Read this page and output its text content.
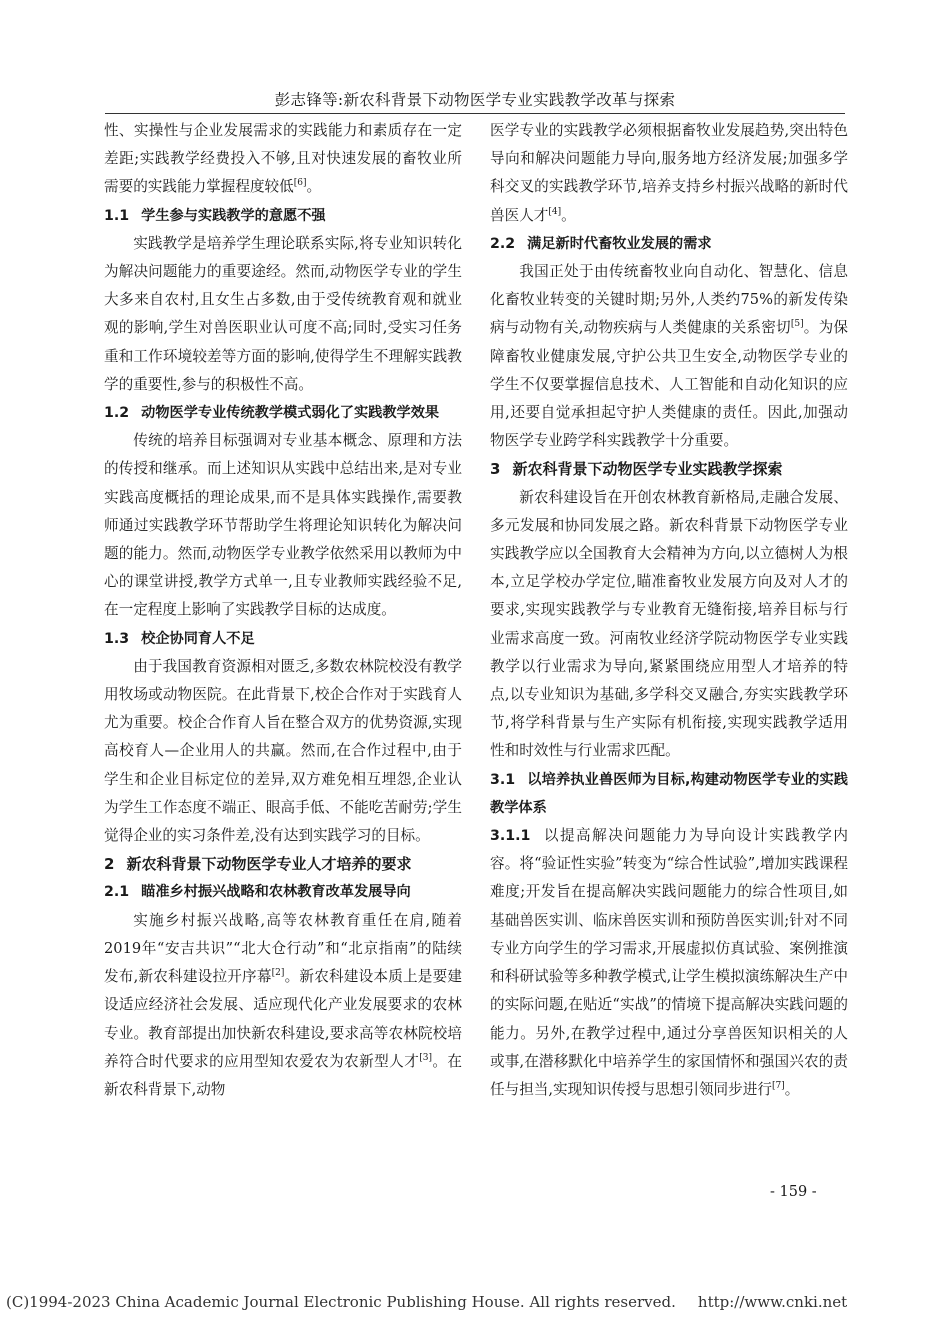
彭志锋等:新农科背景下动物医学专业实践教学改革与探索

性、实操性与企业发展需求的实践能力和素质存在一定差距;实践教学经费投入不够,且对快速发展的畜牧业所需要的实践能力掌握程度较低[6]。

1.1 学生参与实践教学的意愿不强

实践教学是培养学生理论联系实际,将专业知识转化为解决问题能力的重要途经。然而,动物医学专业的学生大多来自农村,且女生占多数,由于受传统教育观和就业观的影响,学生对兽医职业认可度不高;同时,受实习任务重和工作环境较差等方面的影响,使得学生不理解实践教学的重要性,参与的积极性不高。

1.2 动物医学专业传统教学模式弱化了实践教学效果

传统的培养目标强调对专业基本概念、原理和方法的传授和继承。而上述知识从实践中总结出来,是对专业实践高度概括的理论成果,而不是具体实践操作,需要教师通过实践教学环节帮助学生将理论知识转化为解决问题的能力。然而,动物医学专业教学依然采用以教师为中心的课堂讲授,教学方式单一,且专业教师实践经验不足,在一定程度上影响了实践教学目标的达成度。

1.3 校企协同育人不足

由于我国教育资源相对匮乏,多数农林院校没有教学用牧场或动物医院。在此背景下,校企合作对于实践育人尤为重要。校企合作育人旨在整合双方的优势资源,实现高校育人—企业用人的共赢。然而,在合作过程中,由于学生和企业目标定位的差异,双方难免相互埋怨,企业认为学生工作态度不端正、眼高手低、不能吃苦耐劳;学生觉得企业的实习条件差,没有达到实践学习的目标。

2 新农科背景下动物医学专业人才培养的要求

2.1 瞄准乡村振兴战略和农林教育改革发展导向

实施乡村振兴战略,高等农林教育重任在肩,随着2019年“安吉共识”“北大仓行动”和“北京指南”的陆续发布,新农科建设拉开序幕[2]。新农科建设本质上是要建设适应经济社会发展、适应现代化产业发展要求的农林专业。教育部提出加快新农科建设,要求高等农林院校培养符合时代要求的应用型知农爱农为农新型人才[3]。在新农科背景下,动物

医学专业的实践教学必须根据畜牧业发展趋势,突出特色导向和解决问题能力导向,服务地方经济发展;加强多学科交叉的实践教学环节,培养支持乡村振兴战略的新时代兽医人才[4]。

2.2 满足新时代畜牧业发展的需求

我国正处于由传统畜牧业向自动化、智慧化、信息化畜牧业转变的关键时期;另外,人类约75%的新发传染病与动物有关,动物疾病与人类健康的关系密切[5]。为保障畜牧业健康发展,守护公共卫生安全,动物医学专业的学生不仅要掌握信息技术、人工智能和自动化知识的应用,还要自觉承担起守护人类健康的责任。因此,加强动物医学专业跨学科实践教学十分重要。

3 新农科背景下动物医学专业实践教学探索

新农科建设旨在开创农林教育新格局,走融合发展、多元发展和协同发展之路。新农科背景下动物医学专业实践教学应以全国教育大会精神为方向,以立德树人为根本,立足学校办学定位,瞄准畜牧业发展方向及对人才的要求,实现实践教学与专业教育无缝衔接,培养目标与行业需求高度一致。河南牧业经济学院动物医学专业实践教学以行业需求为导向,紧紧围绕应用型人才培养的特点,以专业知识为基础,多学科交叉融合,夯实实践教学环节,将学科背景与生产实际有机衔接,实现实践教学适用性和时效性与行业需求匹配。

3.1 以培养执业兽医师为目标,构建动物医学专业的实践教学体系

3.1.1 以提高解决问题能力为导向设计实践教学内容。将“验证性实验”转变为“综合性试验”,增加实践课程难度;开发旨在提高解决实践问题能力的综合性项目,如基础兽医实训、临床兽医实训和预防兽医实训;针对不同专业方向学生的学习需求,开展虚拟仿真试验、案例推演和科研试验等多种教学模式,让学生模拟演练解决生产中的实际问题,在贴近“实战”的情境下提高解决实践问题的能力。另外,在教学过程中,通过分享兽医知识相关的人或事,在潜移默化中培养学生的家国情怀和强国兴农的责任与担当,实现知识传授与思想引领同步进行[7]。

- 159 -
(C)1994-2023 China Academic Journal Electronic Publishing House. All rights reserved. http://www.cnki.net
